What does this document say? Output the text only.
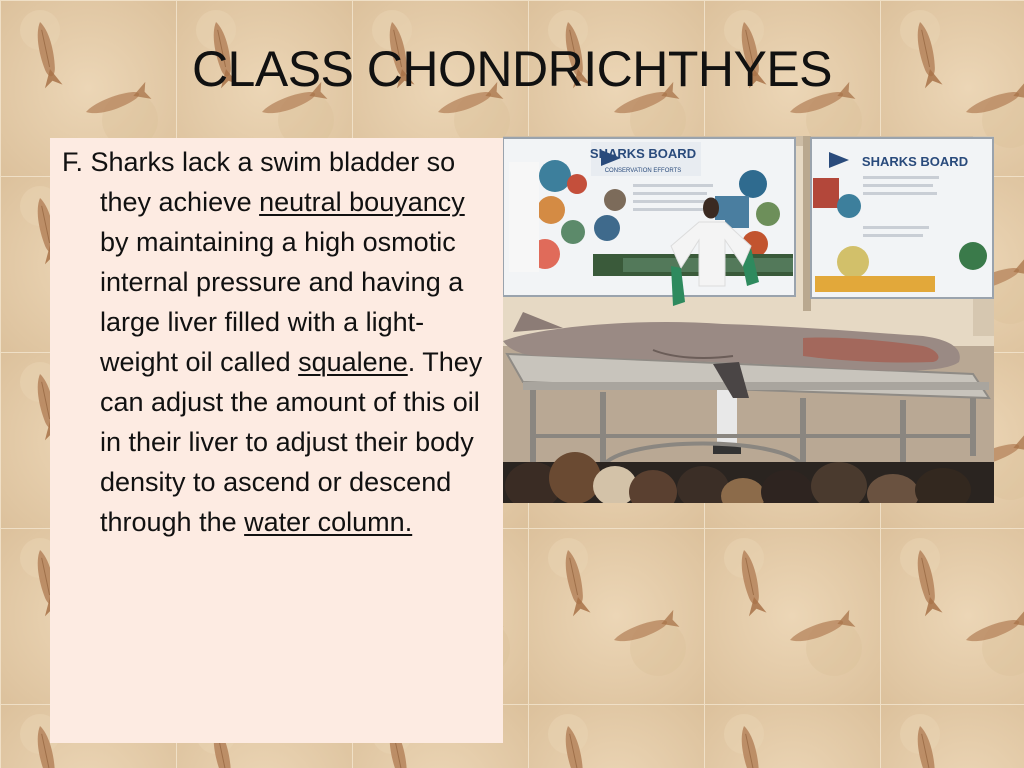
CLASS CHONDRICHTHYES

F. Sharks lack a swim bladder so they achieve neutral bouyancy by maintaining a high osmotic internal pressure and having a large liver filled with a light-weight oil called squalene. They can adjust the amount of this oil in their liver to adjust their body density to ascend or descend through the water column.

SHARKS BOARD
CONSERVATION EFFORTS
SHARKS BOARD
